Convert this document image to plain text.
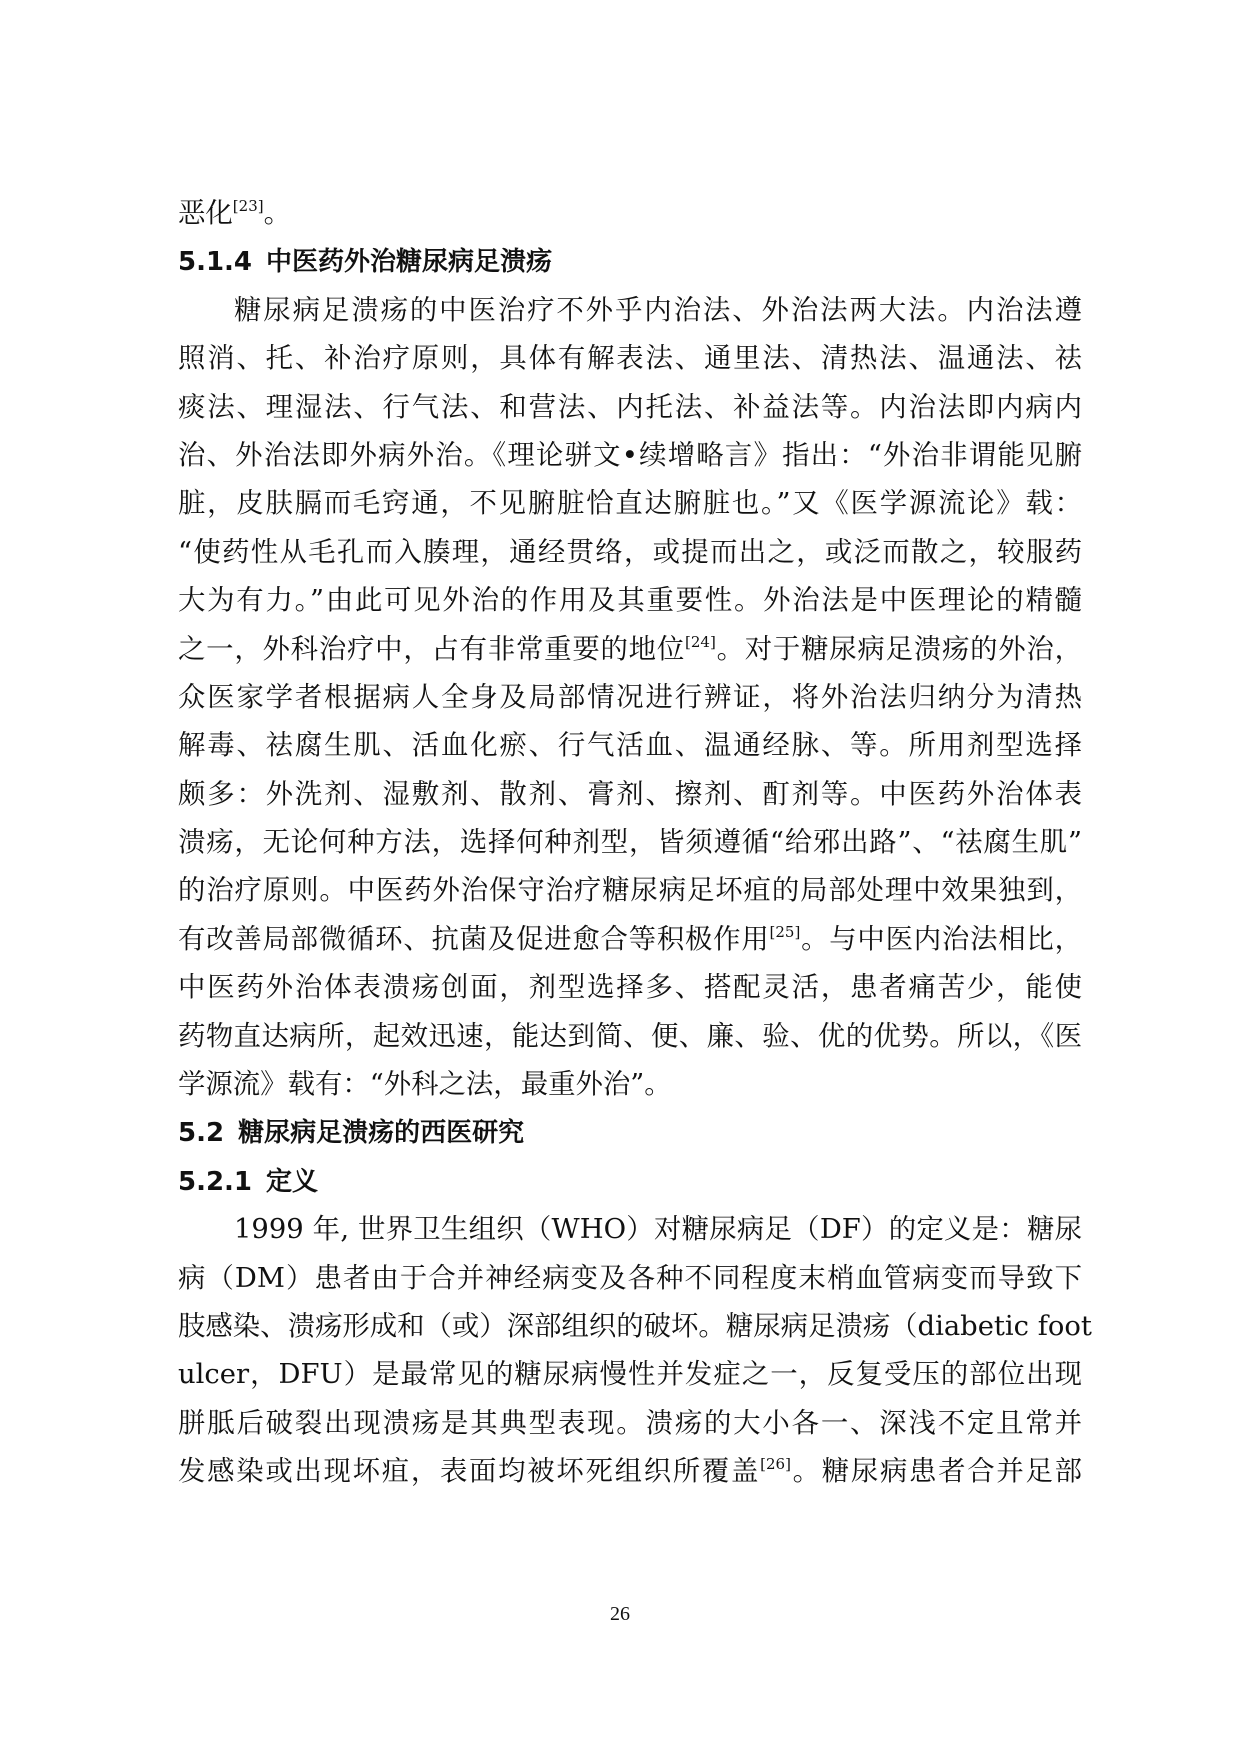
恶化[23]。
5.1.4 中医药外治糖尿病足溃疡
糖尿病足溃疡的中医治疗不外乎内治法、外治法两大法。内治法遵
照消、托、补治疗原则，具体有解表法、通里法、清热法、温通法、祛
痰法、理湿法、行气法、和营法、内托法、补益法等。内治法即内病内
治、外治法即外病外治。《理论骈文•续增略言》指出：“外治非谓能见腑
脏，皮肤膈而毛窍通，不见腑脏恰直达腑脏也。”又《医学源流论》载：
“使药性从毛孔而入腠理，通经贯络，或提而出之，或泛而散之，较服药
大为有力。”由此可见外治的作用及其重要性。外治法是中医理论的精髓
之一，外科治疗中，占有非常重要的地位[24]。对于糖尿病足溃疡的外治，
众医家学者根据病人全身及局部情况进行辨证，将外治法归纳分为清热
解毒、祛腐生肌、活血化瘀、行气活血、温通经脉、等。所用剂型选择
颇多：外洗剂、湿敷剂、散剂、膏剂、擦剂、酊剂等。中医药外治体表
溃疡，无论何种方法，选择何种剂型，皆须遵循“给邪出路”、“祛腐生肌”
的治疗原则。中医药外治保守治疗糖尿病足坏疽的局部处理中效果独到，
有改善局部微循环、抗菌及促进愈合等积极作用[25]。与中医内治法相比，
中医药外治体表溃疡创面，剂型选择多、搭配灵活，患者痛苦少，能使
药物直达病所，起效迅速，能达到简、便、廉、验、优的优势。所以，《医
学源流》载有：“外科之法，最重外治”。
5.2 糖尿病足溃疡的西医研究
5.2.1 定义
1999 年, 世界卫生组织（WHO）对糖尿病足（DF）的定义是：糖尿
病（DM）患者由于合并神经病变及各种不同程度末梢血管病变而导致下
肢感染、溃疡形成和（或）深部组织的破坏。糖尿病足溃疡（diabetic foot
ulcer，DFU）是最常见的糖尿病慢性并发症之一，反复受压的部位出现
胼胝后破裂出现溃疡是其典型表现。溃疡的大小各一、深浅不定且常并
发感染或出现坏疽，表面均被坏死组织所覆盖[26]。糖尿病患者合并足部
26
